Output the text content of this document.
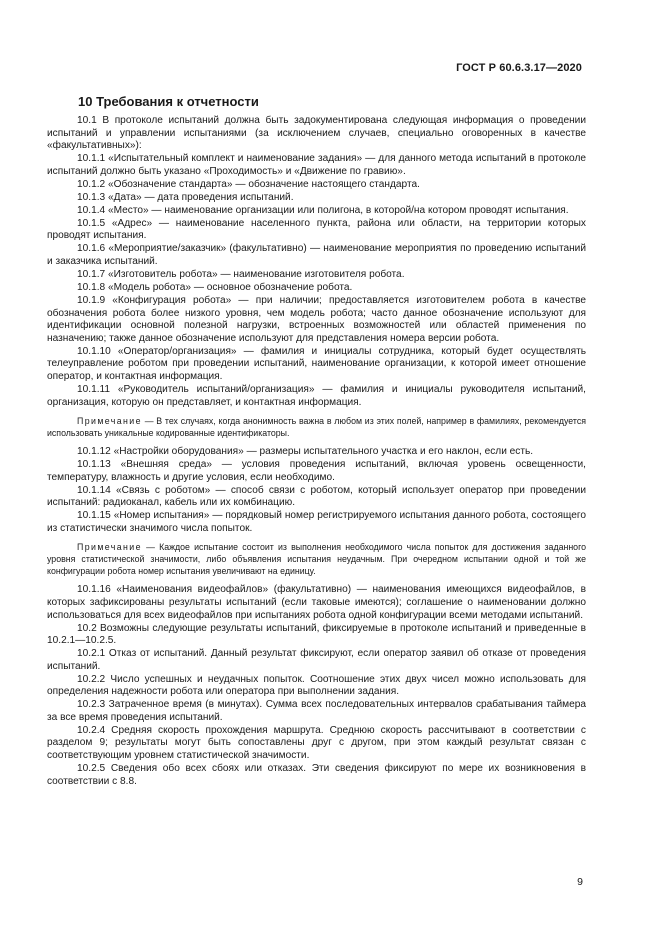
ГОСТ Р 60.6.3.17—2020
10 Требования к отчетности

10.1 В протоколе испытаний должна быть задокументирована следующая информация о проведении испытаний и управлении испытаниями (за исключением случаев, специально оговоренных в качестве «факультативных»):

10.1.1 «Испытательный комплект и наименование задания» — для данного метода испытаний в протоколе испытаний должно быть указано «Проходимость» и «Движение по гравию».

10.1.2 «Обозначение стандарта» — обозначение настоящего стандарта.

10.1.3 «Дата» — дата проведения испытаний.

10.1.4 «Место» — наименование организации или полигона, в которой/на котором проводят испытания.

10.1.5 «Адрес» — наименование населенного пункта, района или области, на территории которых проводят испытания.

10.1.6 «Мероприятие/заказчик» (факультативно) — наименование мероприятия по проведению испытаний и заказчика испытаний.

10.1.7 «Изготовитель робота» — наименование изготовителя робота.

10.1.8 «Модель робота» — основное обозначение робота.

10.1.9 «Конфигурация робота» — при наличии; предоставляется изготовителем робота в качестве обозначения робота более низкого уровня, чем модель робота; часто данное обозначение используют для идентификации основной полезной нагрузки, встроенных возможностей или областей применения по назначению; также данное обозначение используют для представления номера версии робота.

10.1.10 «Оператор/организация» — фамилия и инициалы сотрудника, который будет осуществлять телеуправление роботом при проведении испытаний, наименование организации, к которой имеет отношение оператор, и контактная информация.

10.1.11 «Руководитель испытаний/организация» — фамилия и инициалы руководителя испытаний, организация, которую он представляет, и контактная информация.

Примечание — В тех случаях, когда анонимность важна в любом из этих полей, например в фамилиях, рекомендуется использовать уникальные кодированные идентификаторы.

10.1.12 «Настройки оборудования» — размеры испытательного участка и его наклон, если есть.

10.1.13 «Внешняя среда» — условия проведения испытаний, включая уровень освещенности, температуру, влажность и другие условия, если необходимо.

10.1.14 «Связь с роботом» — способ связи с роботом, который использует оператор при проведении испытаний: радиоканал, кабель или их комбинацию.

10.1.15 «Номер испытания» — порядковый номер регистрируемого испытания данного робота, состоящего из статистически значимого числа попыток.

Примечание — Каждое испытание состоит из выполнения необходимого числа попыток для достижения заданного уровня статистической значимости, либо объявления испытания неудачным. При очередном испытании одной и той же конфигурации робота номер испытания увеличивают на единицу.

10.1.16 «Наименования видеофайлов» (факультативно) — наименования имеющихся видеофайлов, в которых зафиксированы результаты испытаний (если таковые имеются); соглашение о наименовании должно использоваться для всех видеофайлов при испытаниях робота одной конфигурации всеми методами испытаний.

10.2 Возможны следующие результаты испытаний, фиксируемые в протоколе испытаний и приведенные в 10.2.1—10.2.5.

10.2.1 Отказ от испытаний. Данный результат фиксируют, если оператор заявил об отказе от проведения испытаний.

10.2.2 Число успешных и неудачных попыток. Соотношение этих двух чисел можно использовать для определения надежности робота или оператора при выполнении задания.

10.2.3 Затраченное время (в минутах). Сумма всех последовательных интервалов срабатывания таймера за все время проведения испытаний.

10.2.4 Средняя скорость прохождения маршрута. Среднюю скорость рассчитывают в соответствии с разделом 9; результаты могут быть сопоставлены друг с другом, при этом каждый результат связан с соответствующим уровнем статистической значимости.

10.2.5 Сведения обо всех сбоях или отказах. Эти сведения фиксируют по мере их возникновения в соответствии с 8.8.

9
